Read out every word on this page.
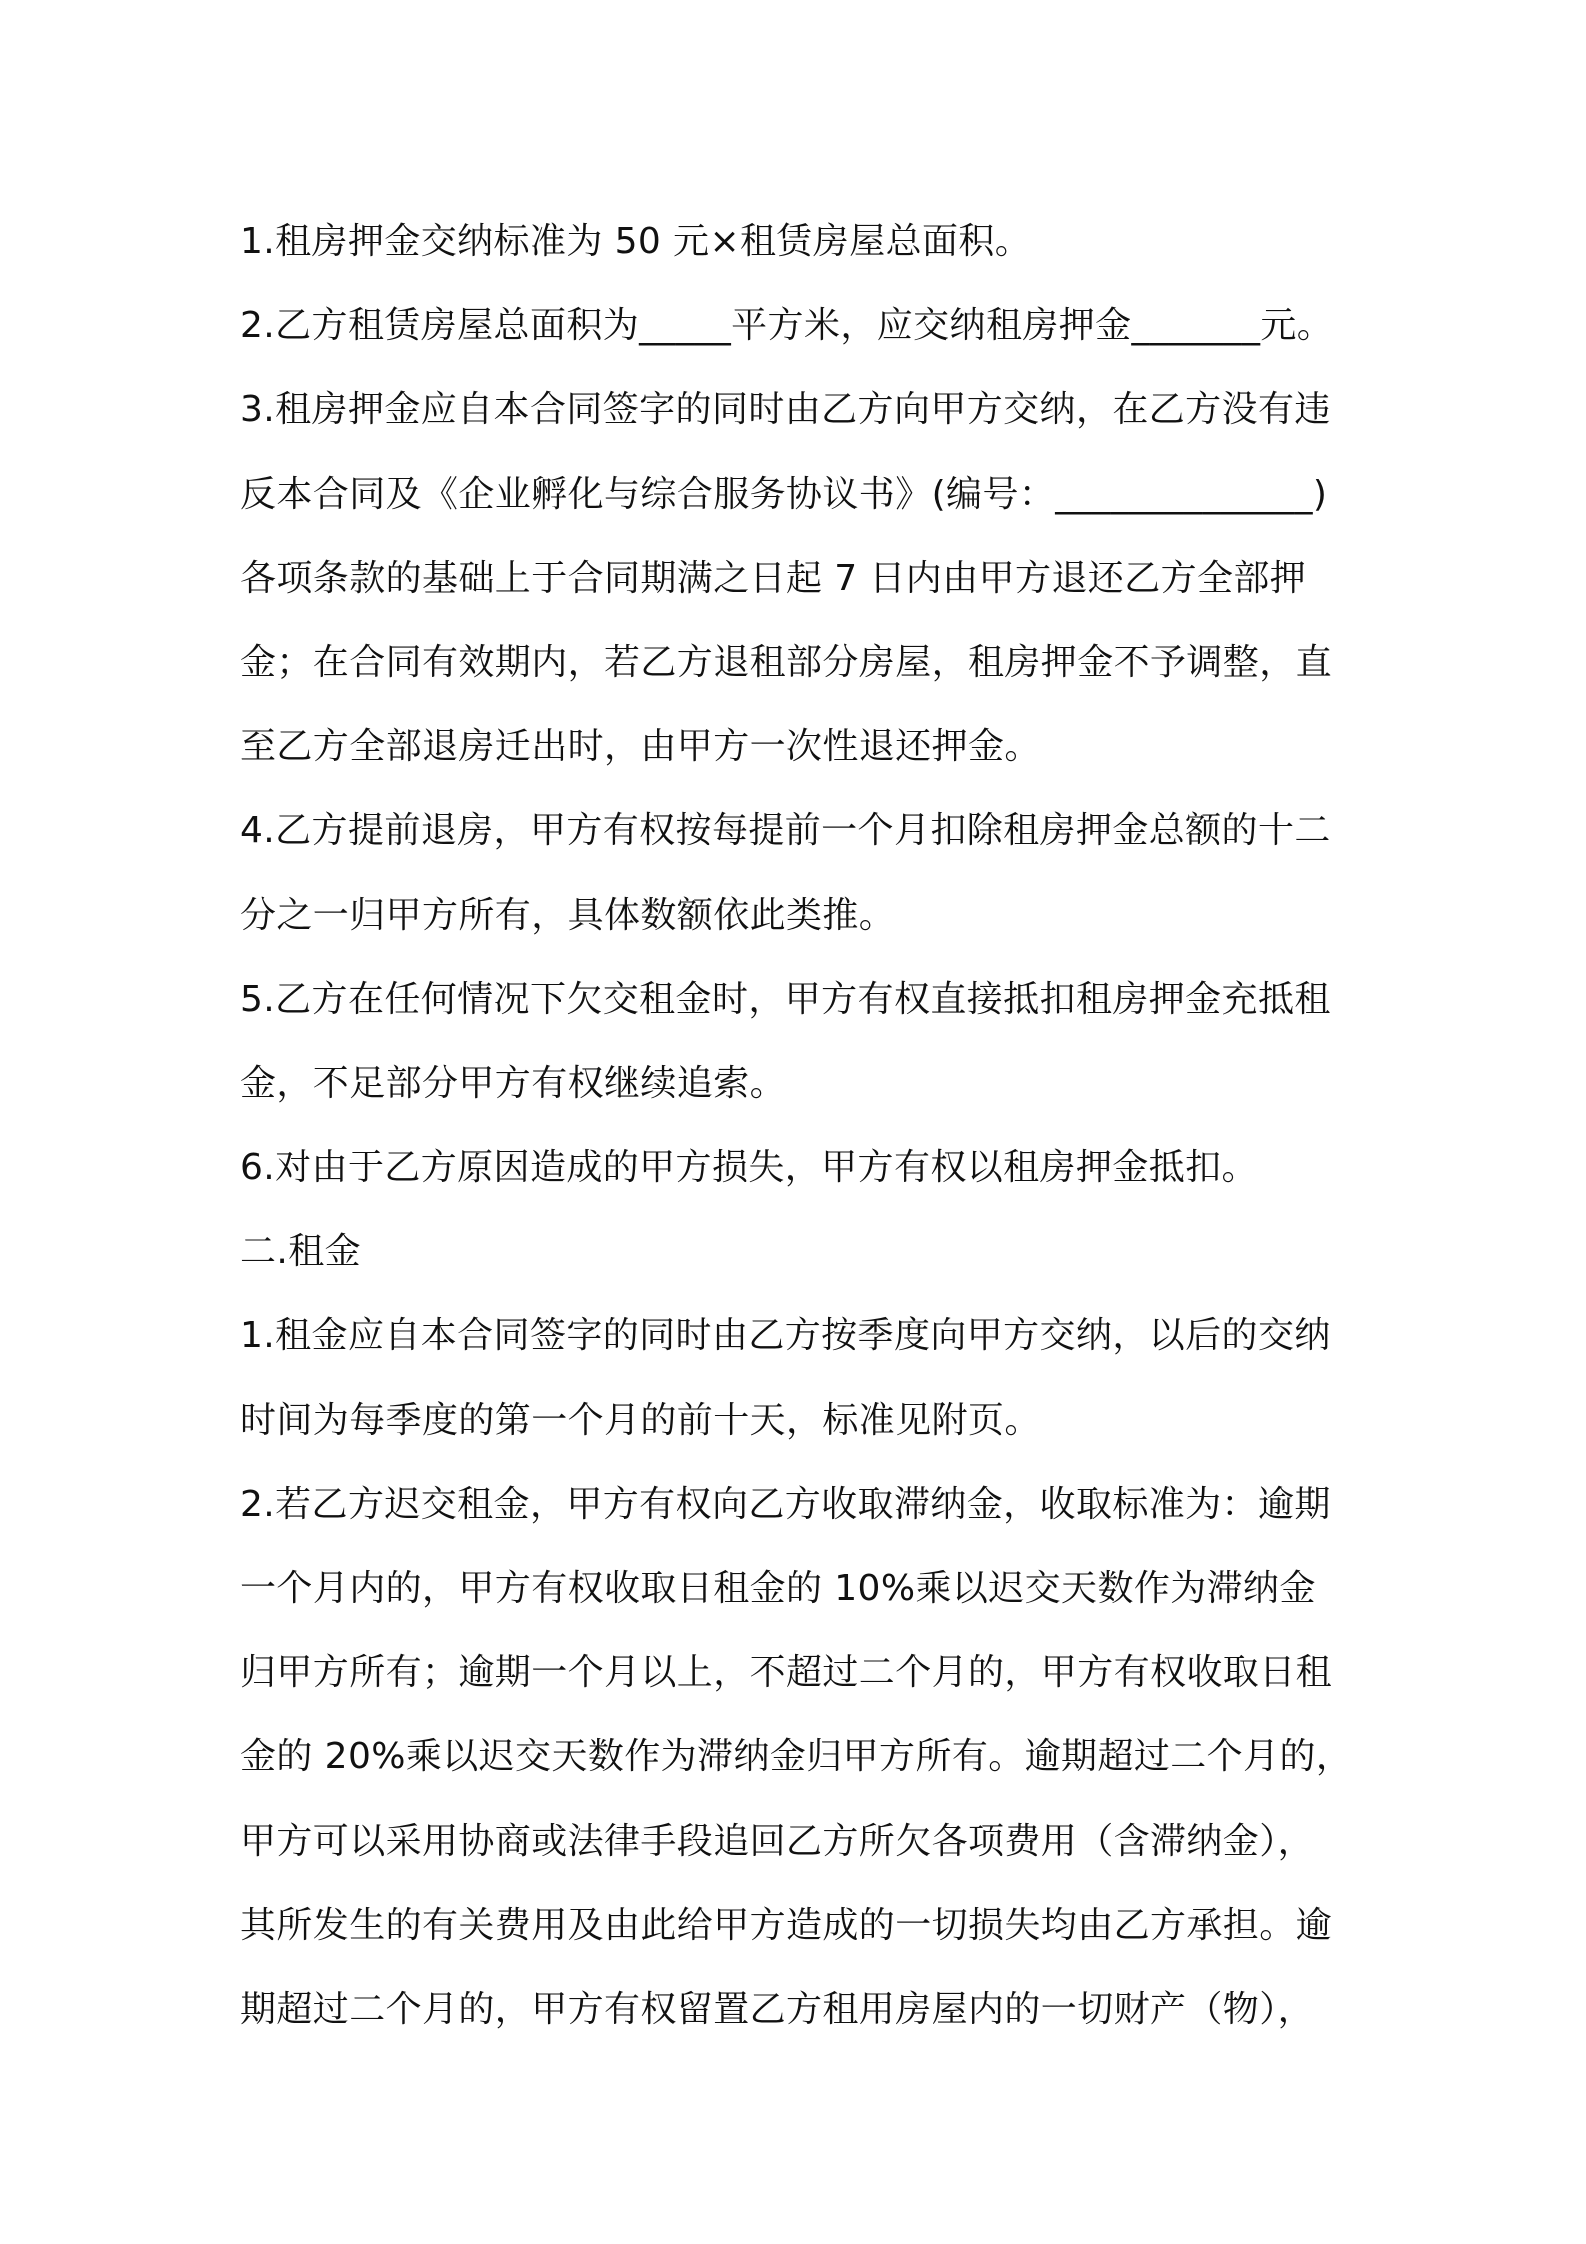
1.租房押金交纳标准为 50 元×租赁房屋总面积。
2.乙方租赁房屋总面积为_____平方米，应交纳租房押金_______元。
3.租房押金应自本合同签字的同时由乙方向甲方交纳，在乙方没有违
反本合同及《企业孵化与综合服务协议书》(编号：______________)
各项条款的基础上于合同期满之日起 7 日内由甲方退还乙方全部押
金；在合同有效期内，若乙方退租部分房屋，租房押金不予调整，直
至乙方全部退房迁出时，由甲方一次性退还押金。
4.乙方提前退房，甲方有权按每提前一个月扣除租房押金总额的十二
分之一归甲方所有，具体数额依此类推。
5.乙方在任何情况下欠交租金时，甲方有权直接抵扣租房押金充抵租
金，不足部分甲方有权继续追索。
6.对由于乙方原因造成的甲方损失，甲方有权以租房押金抵扣。
二.租金
1.租金应自本合同签字的同时由乙方按季度向甲方交纳，以后的交纳
时间为每季度的第一个月的前十天，标准见附页。
2.若乙方迟交租金，甲方有权向乙方收取滞纳金，收取标准为：逾期
一个月内的，甲方有权收取日租金的 10%乘以迟交天数作为滞纳金
归甲方所有；逾期一个月以上，不超过二个月的，甲方有权收取日租
金的 20%乘以迟交天数作为滞纳金归甲方所有。逾期超过二个月的，
甲方可以采用协商或法律手段追回乙方所欠各项费用（含滞纳金），
其所发生的有关费用及由此给甲方造成的一切损失均由乙方承担。逾
期超过二个月的，甲方有权留置乙方租用房屋内的一切财产（物），
